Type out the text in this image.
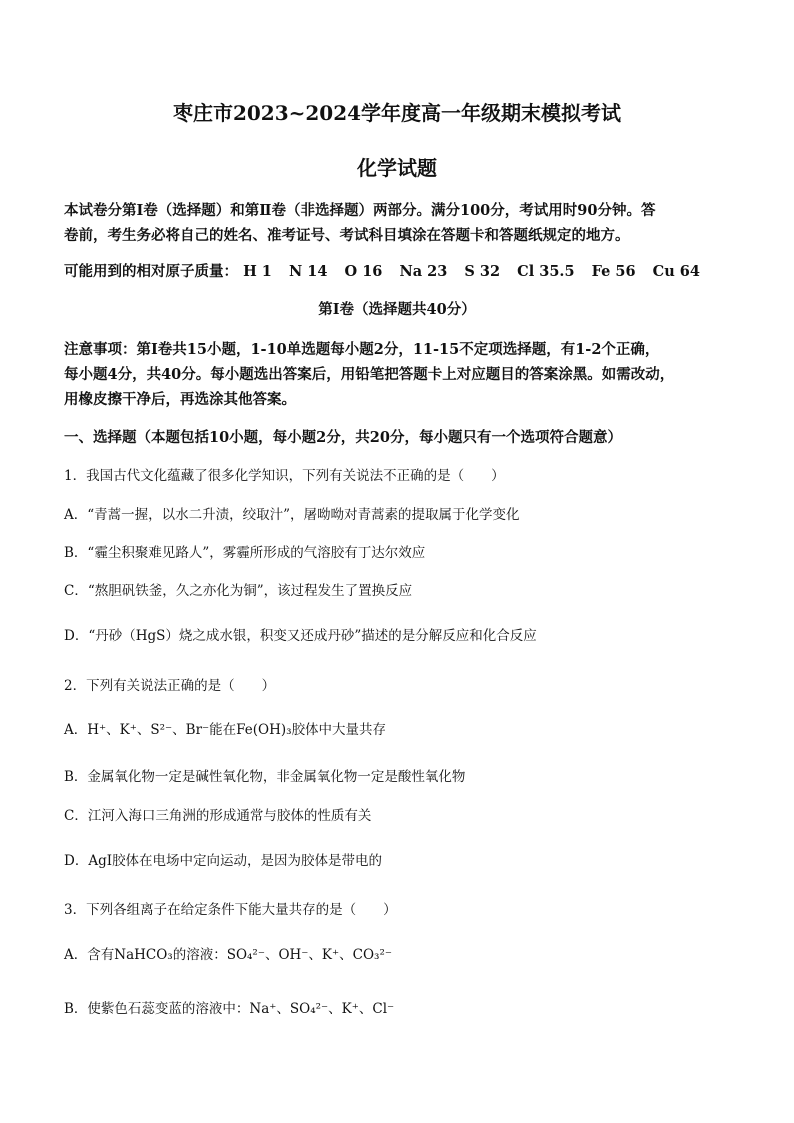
枣庄市2023~2024学年度高一年级期末模拟考试
化学试题
本试卷分第Ⅰ卷（选择题）和第Ⅱ卷（非选择题）两部分。满分100分，考试用时90分钟。答
卷前，考生务必将自己的姓名、准考证号、考试科目填涂在答题卡和答题纸规定的地方。
可能用到的相对原子质量： H 1 N 14 O 16 Na 23 S 32 Cl 35.5 Fe 56 Cu 64
第Ⅰ卷（选择题共40分）
注意事项：第Ⅰ卷共15小题，1-10单选题每小题2分，11-15不定项选择题，有1-2个正确，
每小题4分，共40分。每小题选出答案后，用铅笔把答题卡上对应题目的答案涂黑。如需改动，
用橡皮擦干净后，再选涂其他答案。
一、选择题（本题包括10小题，每小题2分，共20分，每小题只有一个选项符合题意）
1．我国古代文化蕴藏了很多化学知识，下列有关说法不正确的是（　　）
A．“青蒿一握，以水二升渍，绞取汁”，屠呦呦对青蒿素的提取属于化学变化
B．“霾尘积聚难见路人”，雾霾所形成的气溶胶有丁达尔效应
C．“熬胆矾铁釜，久之亦化为铜”，该过程发生了置换反应
D．“丹砂（HgS）烧之成水银，积变又还成丹砂”描述的是分解反应和化合反应
2．下列有关说法正确的是（　　）
A．H⁺、K⁺、S²⁻、Br⁻能在Fe(OH)₃胶体中大量共存
B．金属氧化物一定是碱性氧化物，非金属氧化物一定是酸性氧化物
C．江河入海口三角洲的形成通常与胶体的性质有关
D．AgI胶体在电场中定向运动，是因为胶体是带电的
3．下列各组离子在给定条件下能大量共存的是（　　）
A．含有NaHCO₃的溶液：SO₄²⁻、OH⁻、K⁺、CO₃²⁻
B．使紫色石蕊变蓝的溶液中：Na⁺、SO₄²⁻、K⁺、Cl⁻
